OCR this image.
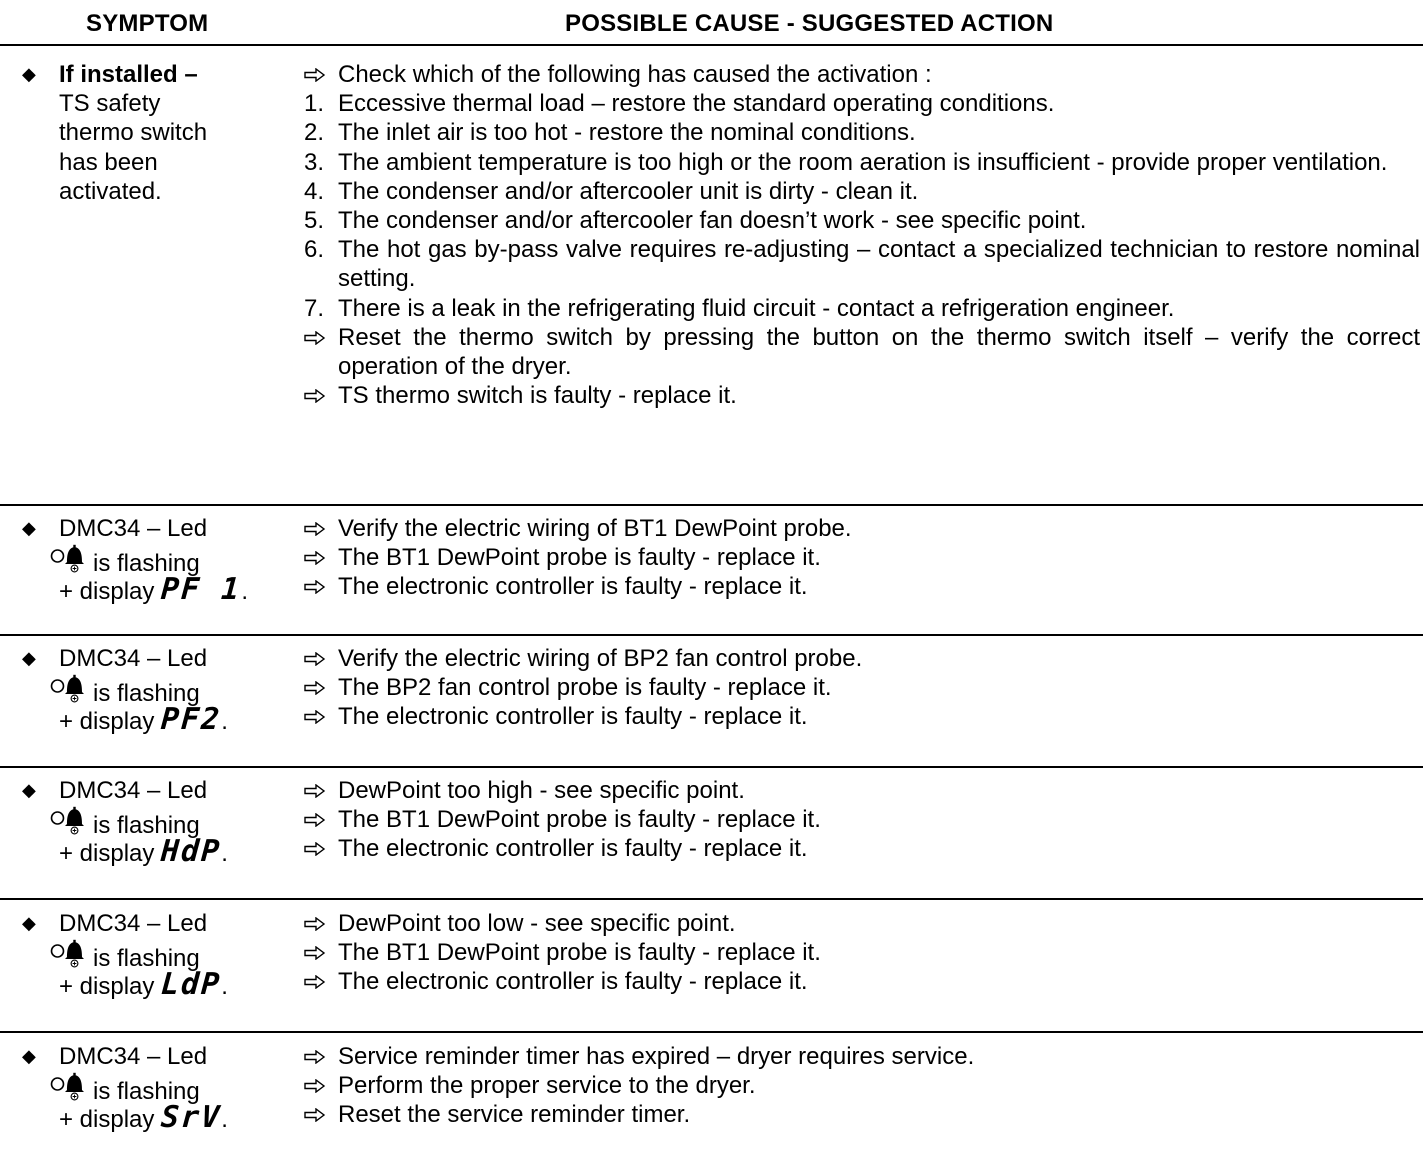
SYMPTOM	POSSIBLE CAUSE - SUGGESTED ACTION
◆ If installed –
TS safety
thermo switch
has been
activated.
Check which of the following has caused the activation :
1. Eccessive thermal load – restore the standard operating conditions.
2. The inlet air is too hot - restore the nominal conditions.
3. The ambient temperature is too high or the room aeration is insufficient - provide proper ventilation.
4. The condenser and/or aftercooler unit is dirty - clean it.
5. The condenser and/or aftercooler fan doesn’t work - see specific point.
6. The hot gas by-pass valve requires re-adjusting – contact a specialized technician to restore nominal setting.
7. There is a leak in the refrigerating fluid circuit - contact a refrigeration engineer.
Reset the thermo switch by pressing the button on the thermo switch itself – verify the correct operation of the dryer.
TS thermo switch is faulty - replace it.
◆ DMC34 – Led
is flashing
+ display PF 1.
Verify the electric wiring of BT1 DewPoint probe.
The BT1 DewPoint probe is faulty - replace it.
The electronic controller is faulty - replace it.
◆ DMC34 – Led
is flashing
+ display PF2.
Verify the electric wiring of BP2 fan control probe.
The BP2 fan control probe is faulty - replace it.
The electronic controller is faulty - replace it.
◆ DMC34 – Led
is flashing
+ display HdP.
DewPoint too high - see specific point.
The BT1 DewPoint probe is faulty - replace it.
The electronic controller is faulty - replace it.
◆ DMC34 – Led
is flashing
+ display LdP.
DewPoint too low - see specific point.
The BT1 DewPoint probe is faulty - replace it.
The electronic controller is faulty - replace it.
◆ DMC34 – Led
is flashing
+ display SrV.
Service reminder timer has expired – dryer requires service.
Perform the proper service to the dryer.
Reset the service reminder timer.
